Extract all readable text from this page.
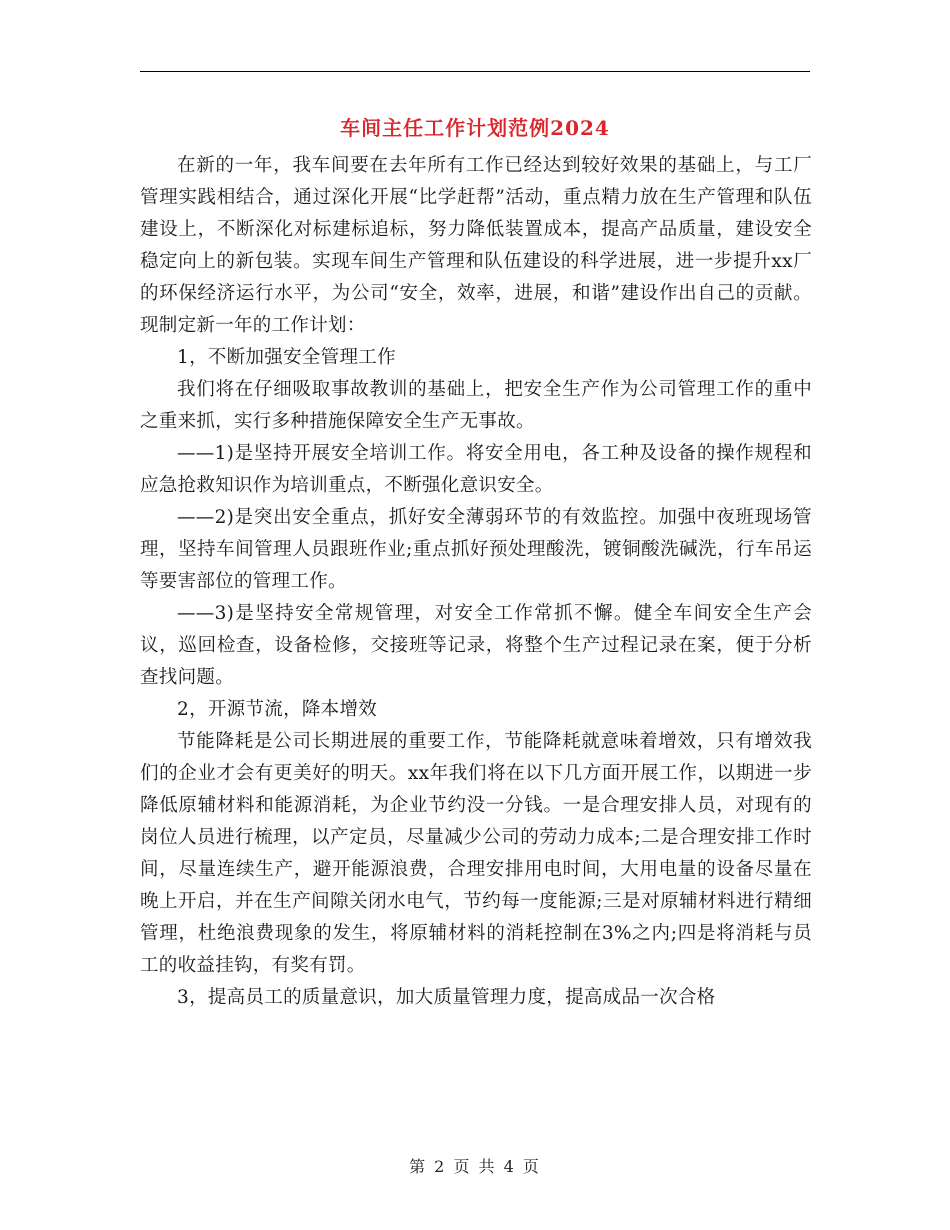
车间主任工作计划范例2024

在新的一年，我车间要在去年所有工作已经达到较好效果的基础上，与工厂管理实践相结合，通过深化开展“比学赶帮”活动，重点精力放在生产管理和队伍建设上，不断深化对标建标追标，努力降低装置成本，提高产品质量，建设安全稳定向上的新包装。实现车间生产管理和队伍建设的科学进展，进一步提升xx厂的环保经济运行水平，为公司“安全，效率，进展，和谐”建设作出自己的贡献。现制定新一年的工作计划：

1，不断加强安全管理工作

我们将在仔细吸取事故教训的基础上，把安全生产作为公司管理工作的重中之重来抓，实行多种措施保障安全生产无事故。

——1)是坚持开展安全培训工作。将安全用电，各工种及设备的操作规程和应急抢救知识作为培训重点，不断强化意识安全。

——2)是突出安全重点，抓好安全薄弱环节的有效监控。加强中夜班现场管理，坚持车间管理人员跟班作业;重点抓好预处理酸洗，镀铜酸洗碱洗，行车吊运等要害部位的管理工作。

——3)是坚持安全常规管理，对安全工作常抓不懈。健全车间安全生产会议，巡回检查，设备检修，交接班等记录，将整个生产过程记录在案，便于分析查找问题。

2，开源节流，降本增效

节能降耗是公司长期进展的重要工作，节能降耗就意味着增效，只有增效我们的企业才会有更美好的明天。xx年我们将在以下几方面开展工作，以期进一步降低原辅材料和能源消耗，为企业节约没一分钱。一是合理安排人员，对现有的岗位人员进行梳理，以产定员，尽量减少公司的劳动力成本;二是合理安排工作时间，尽量连续生产，避开能源浪费，合理安排用电时间，大用电量的设备尽量在晚上开启，并在生产间隙关闭水电气，节约每一度能源;三是对原辅材料进行精细管理，杜绝浪费现象的发生，将原辅材料的消耗控制在3%之内;四是将消耗与员工的收益挂钩，有奖有罚。

3，提高员工的质量意识，加大质量管理力度，提高成品一次合格

第 2 页 共 4 页
